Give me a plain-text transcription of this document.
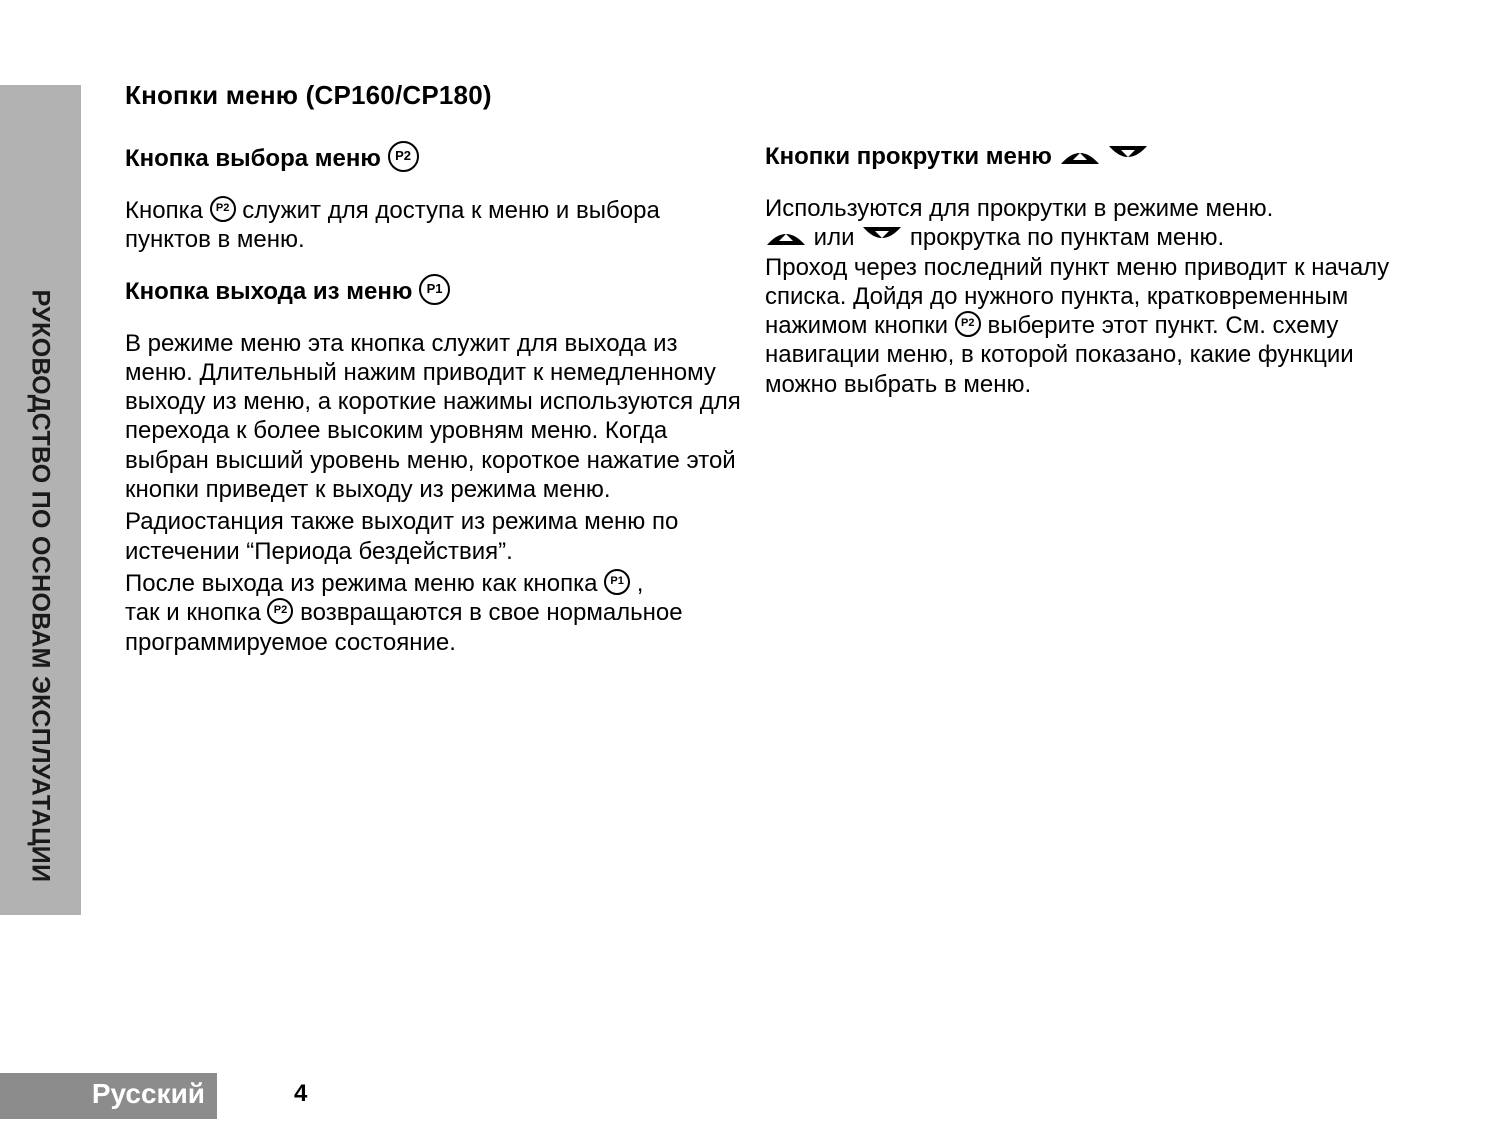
РУКОВОДСТВО ПО ОСНОВАМ ЭКСПЛУАТАЦИИ
Кнопки меню (CP160/CP180)
Кнопка выбора меню P2

Кнопка P2 служит для доступа к меню и выбора пунктов в меню.

Кнопка выхода из меню P1

В режиме меню эта кнопка служит для выхода из меню. Длительный нажим приводит к немедленному выходу из меню, а короткие нажимы используются для перехода к более высоким уровням меню. Когда выбран высший уровень меню, короткое нажатие этой кнопки приведет к выходу из режима меню.

Радиостанция также выходит из режима меню по истечении “Периода бездействия”.

После выхода из режима меню как кнопка P1 ,
так и кнопка P2 возвращаются в свое нормальное программируемое состояние.

Кнопки прокрутки меню

Используются для прокрутки в режиме меню.

или прокрутка по пунктам меню.
Проход через последний пункт меню приводит к началу списка. Дойдя до нужного пункта, кратковременным нажимом кнопки P2 выберите этот пункт. См. схему навигации меню, в которой показано, какие функции можно выбрать в меню.

Русский	4
